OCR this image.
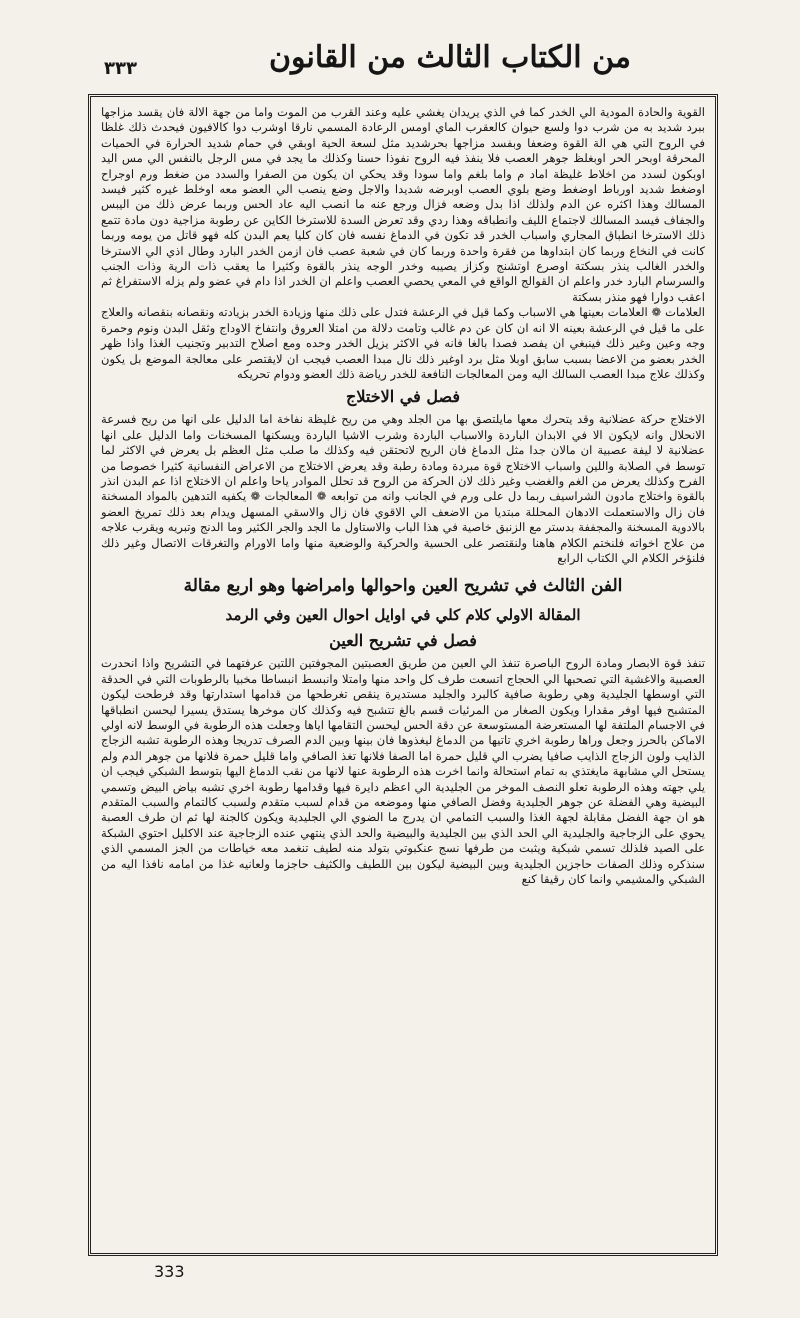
٣٣٣	من الكتاب الثالث من القانون

القوية والحادة المودية الي الخدر كما في الذي يريدان يغشي عليه وعند القرب من الموت واما من جهة الالة فان يقسد مزاجها ببرد شديد به من شرب دوا ولسع حيوان كالعقرب الماي اومس الرعادة المسمي نارقا اوشرب دوا كالافيون فيحدث ذلك غلظا في الروح التي هي الة القوة وضعفا وبفسد مزاجها بحرشديد مثل لسعة الحية اوبقي في حمام شديد الحرارة في الحميات المحرقة اوبحر الحر اوبغلظ جوهر العصب فلا ينفذ فيه الروح نفوذا حسنا وكذلك ما يجد في مس الرجل بالنفس الي مس اليد اوبكون لسدد من اخلاط غليظة اماد م واما بلغم واما سودا وقد يحكي ان يكون من الصفرا والسدد من ضغط ورم اوجراح اوضغط شديد اورباط اوضغط وضع بلوي العصب اوبرضه شديدا والاجل وضع ينصب الي العضو معه اوخلط غيره كثير فيسد المسالك وهذا اكثره عن الدم ولذلك اذا بدل وضعه فزال ورجع عنه ما انصب اليه عاد الحس وربما عرض ذلك من اليبس والجفاف فيسد المسالك لاجتماع الليف وانطباقه وهذا ردي وقد تعرض السدة للاسترخا الكاين عن رطوبة مزاجية دون مادة تتمع ذلك الاسترخا انطباق المجاري واسباب الخدر قد تكون في الدماغ نفسه فان كان كليا يعم البدن كله فهو قاتل من يومه وربما كانت في النخاع وربما كان ابتداوها من فقرة واحدة وربما كان في شعبة عصب فان ازمن الخدر البارد وطال اذي الي الاسترخا والخدر الغالب ينذر بسكتة اوصرع اوتشنج وكزاز يصيبه وخدر الوجه ينذر بالقوة وكثيرا ما يعقب ذات الرية وذات الجنب والسرسام البارد خدر واعلم ان القوالج الواقع في المعي يحصي العصب واعلم ان الخدر اذا دام في عضو ولم يزله الاستفراغ ثم اعقب دوارا فهو منذر بسكتة

العلامات ❁ العلامات بعينها هي الاسباب وكما قيل في الرعشة فتدل على ذلك منها وزيادة الخدر بزيادته ونقصانه بنقصانه والعلاج على ما قيل في الرعشة بعينه الا انه ان كان عن دم غالب وتامت دلالة من امتلا العروق وانتفاخ الاوداج وثقل البدن ونوم وحمرة وجه وعين وغير ذلك فينبغي ان يفصد فصدا بالغا فانه في الاكثر يزيل الخدر وحده ومع اصلاح التدبير وتجنيب الغذا واذا ظهر الخدر بعضو من الاعضا بسبب سابق اوبلا مثل برد اوغير ذلك نال مبدا العصب فيجب ان لايقتصر على معالجة الموضع بل يكون وكذلك علاج مبدا العصب السالك اليه ومن المعالجات النافعة للخدر رياضة ذلك العضو ودوام تحريكه

فصل في الاختلاج

الاختلاج حركة عضلانية وقد يتحرك معها مايلتصق بها من الجلد وهي من ريح غليظة نفاخة اما الدليل على انها من ريح فسرعة الانحلال وانه لايكون الا في الابدان الباردة والاسباب الباردة وشرب الاشيا الباردة ويسكنها المسخنات واما الدليل على انها عضلانية لا ليفة عصبية ان مالان جدا مثل الدماغ فان الريح لاتحتقن فيه وكذلك ما صلب مثل العظم بل يعرض في الاكثر لما توسط في الصلابة واللين واسباب الاختلاج قوة مبردة ومادة رطبة وقد يعرض الاختلاج من الاعراض النفسانية كثيرا خصوصا من الفرح وكذلك يعرض من الغم والغضب وغير ذلك لان الحركة من الروح قد تحلل الموادر ياحا واعلم ان الاختلاج اذا عم البدن انذر بالقوة واختلاج مادون الشراسيف ربما دل على ورم في الجانب وانه من توابعه ❁ المعالجات ❁ يكفيه التدهين بالمواد المسخنة فان زال والاستعملت الادهان المحللة مبتديا من الاضعف الي الاقوي فان زال والاسقي المسهل ويدام بعد ذلك تمريخ العضو بالادوية المسخنة والمجففة بدستر مع الزنبق خاصية في هذا الباب والاستاول ما الجد والجر الكثير وما الدنج وتبريه ويقرب علاجه من علاج اخواته فلنختم الكلام هاهنا ولنقتصر على الحسية والحركية والوضعية منها واما الاورام والتغرقات الاتصال وغير ذلك فلنؤخر الكلام الي الكتاب الرابع

الفن الثالث في تشريح العين واحوالها وامراضها وهو اربع مقالة

المقالة الاولي كلام كلي في اوايل احوال العين وفي الرمد

فصل في تشريح العين

تنفذ قوة الابصار ومادة الروح الباصرة تنفذ الي العين من طريق العصبتين المجوفتين اللتين عرفتهما في التشريح واذا انحدرت العصبية والاغشية التي تصحبها الي الحجاج اتسعت طرف كل واحد منها وامتلا وانبسط انبساطا مخبيا بالرطوبات التي في الحدقة التي اوسطها الجليدية وهي رطوبة صافية كالبرد والجليد مستديرة ينقص تغرطحها من قدامها استدارتها وقد فرطحت ليكون المتشبح فيها اوفر مقدارا ويكون الصغار من المرئيات قسم بالغ تتشبح فيه وكذلك كان موخرها يستدق يسيرا ليحسن انطباقها في الاجسام الملتفة لها المستعرضة المستوسعة عن دقة الحس ليحسن التقامها اياها وجعلت هذه الرطوبة في الوسط لانه اولي الاماكن بالحرز وجعل وراها رطوبة اخري تاتيها من الدماغ ليغذوها فان بينها وبين الدم الصرف تدريجا وهذه الرطوبة تشبه الزجاج الذايب ولون الزجاج الذايب صافيا يضرب الي قليل حمرة اما الصفا فلانها تغذ الصافي واما قليل حمرة فلانها من جوهر الدم ولم يستحل الي مشابهة مايغتذي به تمام استحالة وانما اخرت هذه الرطوبة عنها لانها من نقب الدماغ اليها بتوسط الشبكي فيجب ان يلي جهته وهذه الرطوبة تعلو النصف الموخر من الجليدية الي اعظم دايرة فيها وقدامها رطوبة اخري تشبه بياض البيض وتسمي البيضية وهي الفضلة عن جوهر الجليدية وفضل الصافي منها وموضعه من قدام لسبب متقدم ولسبب كالتمام والسبب المتقدم هو ان جهة الفضل مقابلة لجهة الغذا والسبب التمامي ان يدرج ما الضوي الي الجليدية ويكون كالجنة لها ثم ان طرف العصبة يحوي على الزجاجية والجليدية الي الحد الذي بين الجليدية والبيضية والحد الذي ينتهي عنده الزجاجية عند الاكليل احتوي الشبكة على الصيد فلذلك تسمي شبكية ويثبت من طرفها نسج عنكبوتي بتولد منه لطيف تنغمد معه خياطات من الجز المسمي الذي سنذكره وذلك الصفات حاجزين الجليدية وبين البيضية ليكون بين اللطيف والكثيف حاجزما ولعانيه غذا من امامه نافذا اليه من الشبكي والمشيمي وانما كان رقيقا كنع

333
